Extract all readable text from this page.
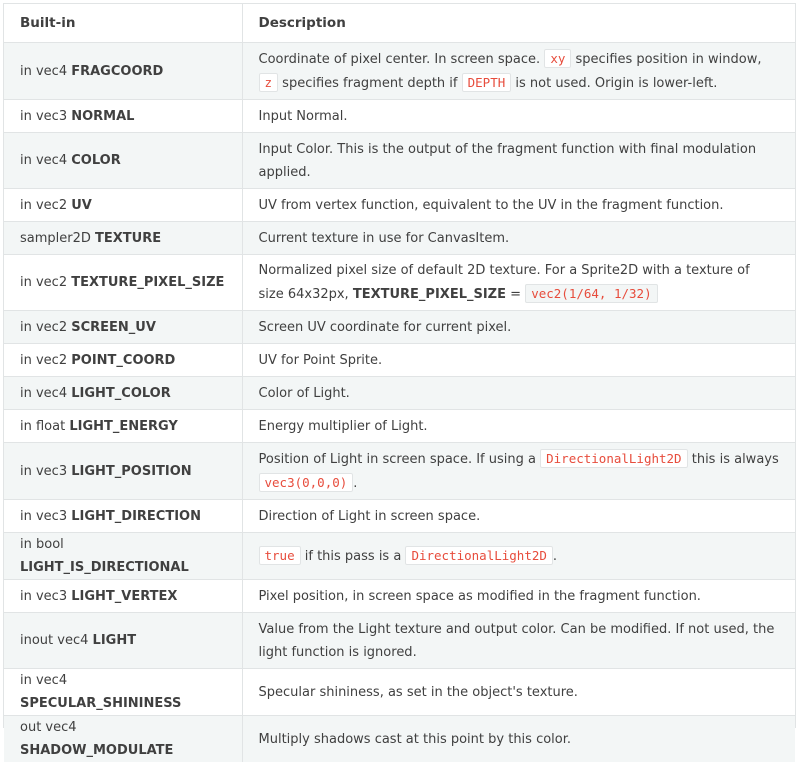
Built-in	Description
in vec4 FRAGCOORD	Coordinate of pixel center. In screen space. xy specifies position in window, z specifies fragment depth if DEPTH is not used. Origin is lower-left.
in vec3 NORMAL	Input Normal.
in vec4 COLOR	Input Color. This is the output of the fragment function with final modulation applied.
in vec2 UV	UV from vertex function, equivalent to the UV in the fragment function.
sampler2D TEXTURE	Current texture in use for CanvasItem.
in vec2 TEXTURE_PIXEL_SIZE	Normalized pixel size of default 2D texture. For a Sprite2D with a texture of size 64x32px, TEXTURE_PIXEL_SIZE = vec2(1/64, 1/32)
in vec2 SCREEN_UV	Screen UV coordinate for current pixel.
in vec2 POINT_COORD	UV for Point Sprite.
in vec4 LIGHT_COLOR	Color of Light.
in float LIGHT_ENERGY	Energy multiplier of Light.
in vec3 LIGHT_POSITION	Position of Light in screen space. If using a DirectionalLight2D this is always vec3(0,0,0) .
in vec3 LIGHT_DIRECTION	Direction of Light in screen space.
in bool LIGHT_IS_DIRECTIONAL	true if this pass is a DirectionalLight2D .
in vec3 LIGHT_VERTEX	Pixel position, in screen space as modified in the fragment function.
inout vec4 LIGHT	Value from the Light texture and output color. Can be modified. If not used, the light function is ignored.
in vec4 SPECULAR_SHININESS	Specular shininess, as set in the object's texture.
out vec4 SHADOW_MODULATE	Multiply shadows cast at this point by this color.
